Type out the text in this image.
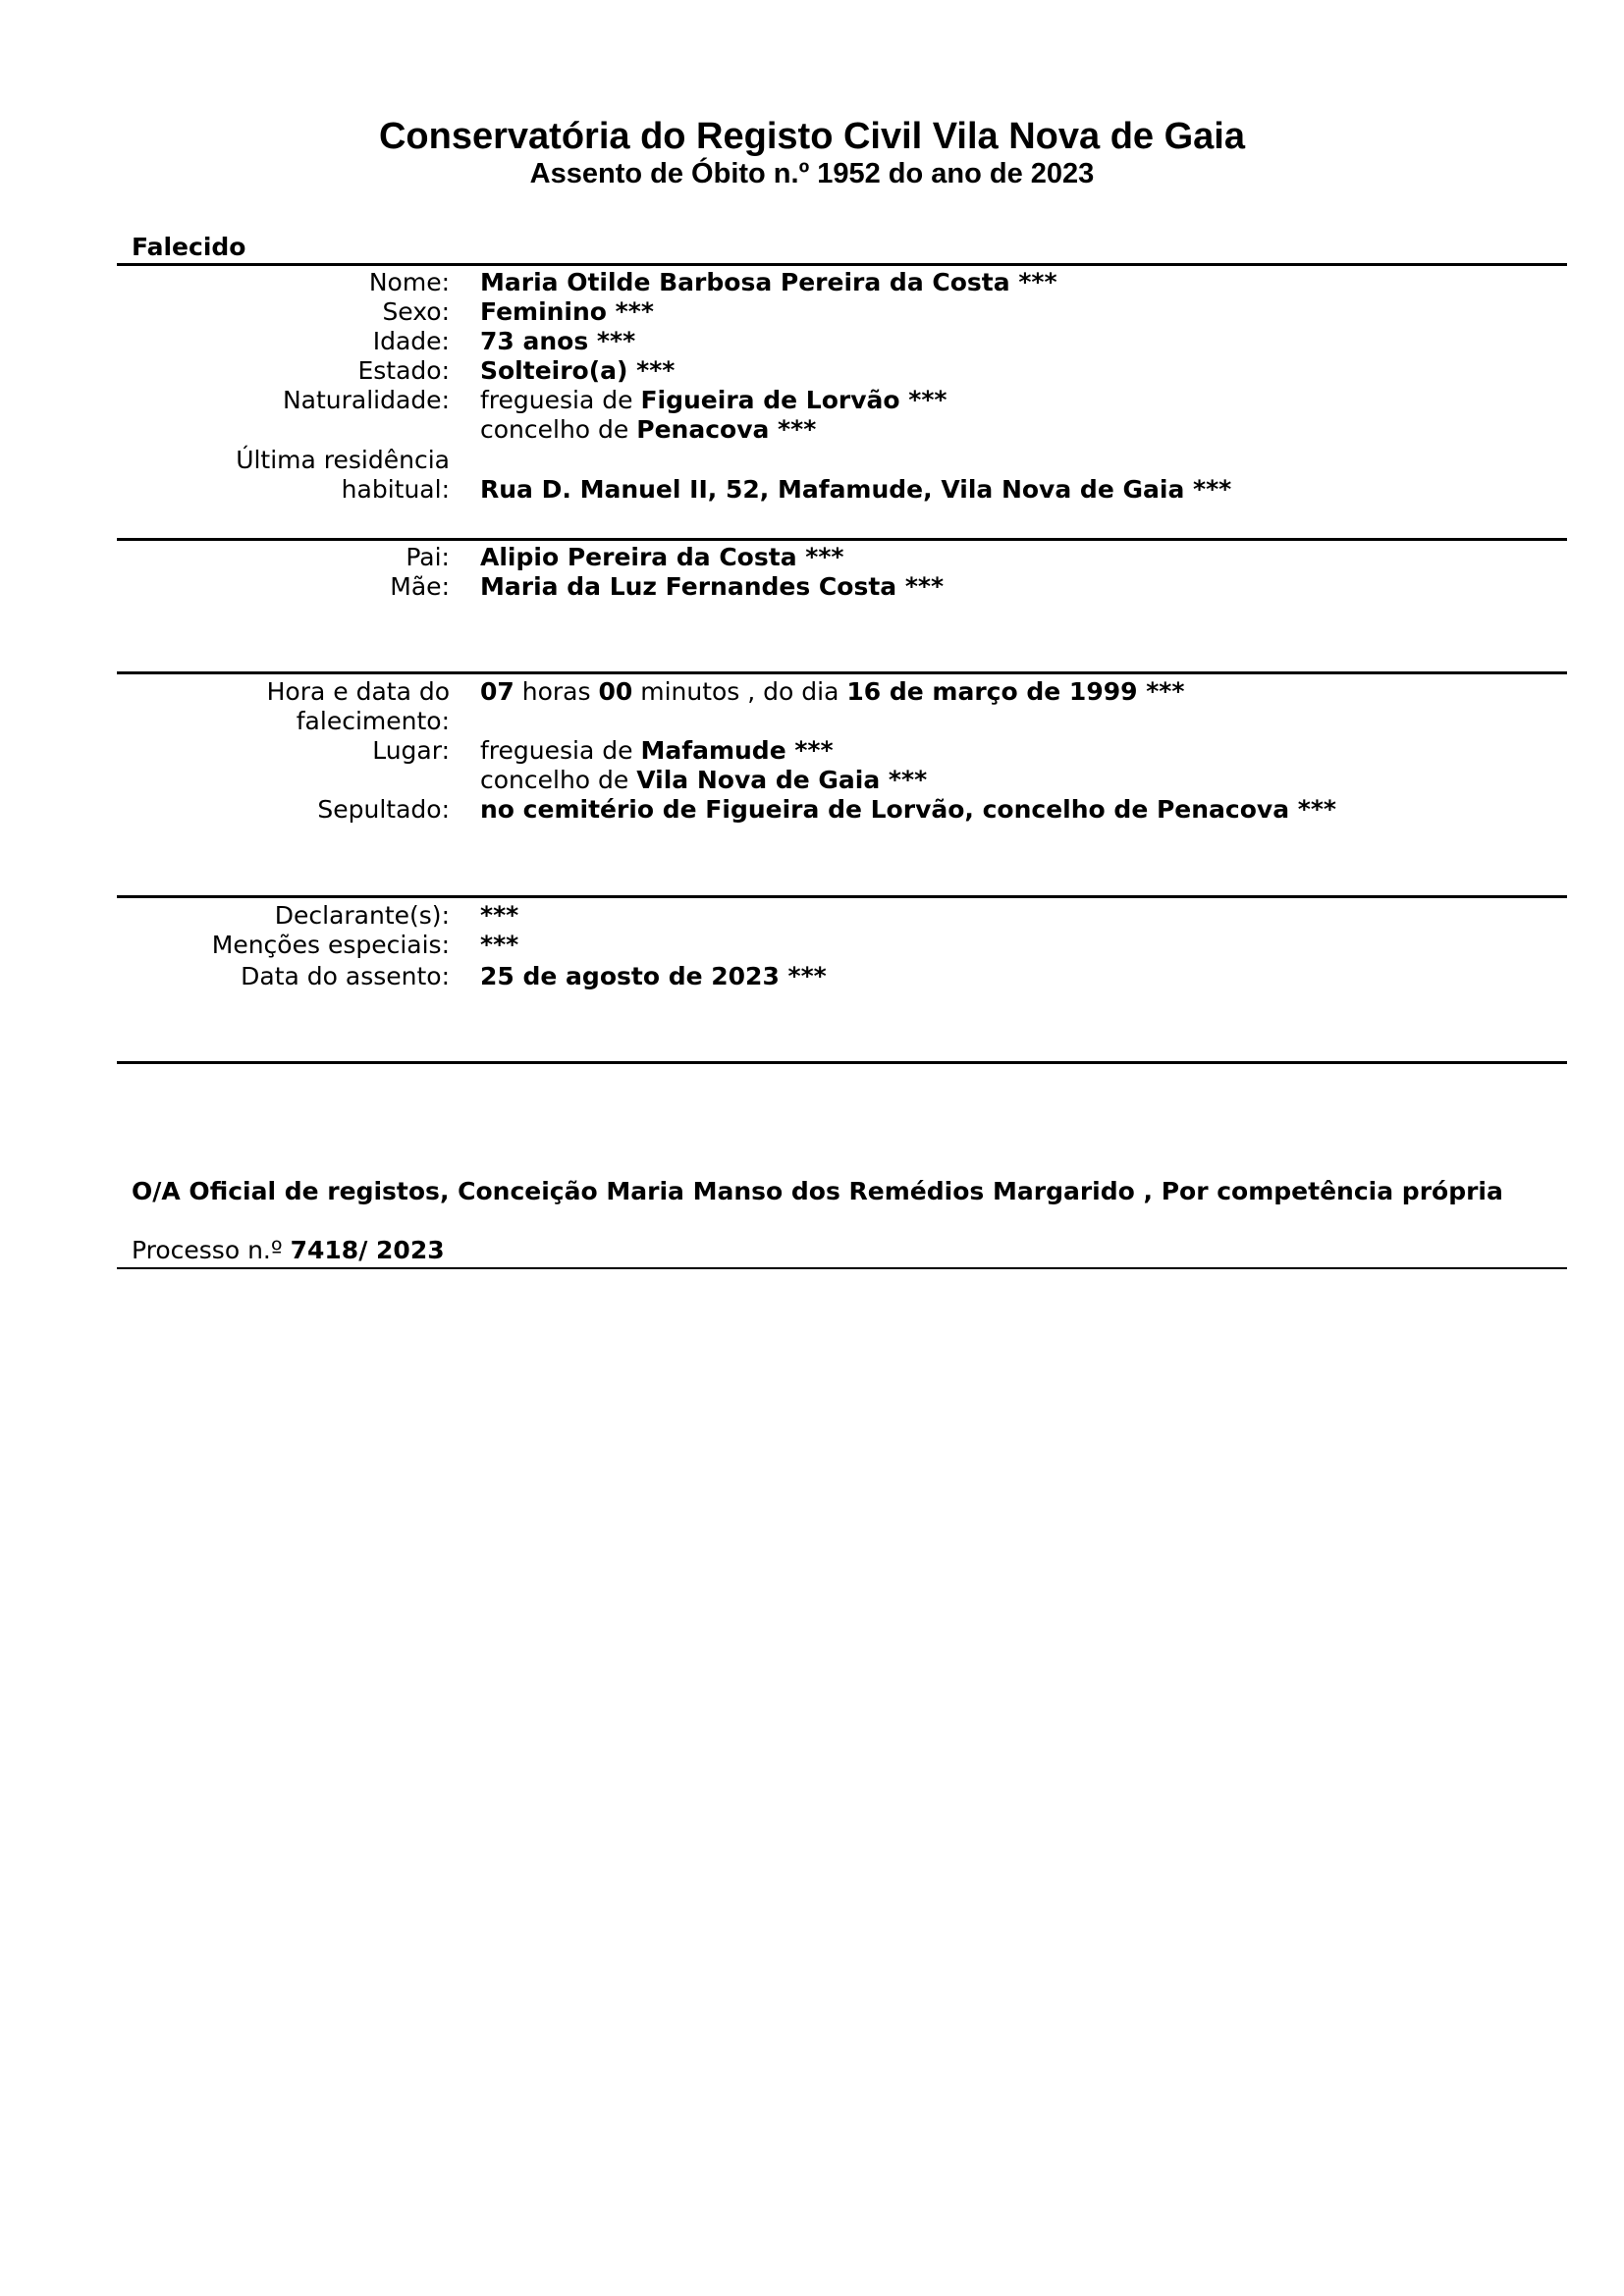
Conservatória do Registo Civil Vila Nova de Gaia
Assento de Óbito n.º 1952 do ano de 2023
Falecido
Nome: Maria Otilde Barbosa Pereira da Costa ***
Sexo: Feminino ***
Idade: 73 anos ***
Estado: Solteiro(a) ***
Naturalidade: freguesia de Figueira de Lorvão ***
concelho de Penacova ***
Última residência
habitual: Rua D. Manuel II, 52, Mafamude, Vila Nova de Gaia ***
Pai: Alipio Pereira da Costa ***
Mãe: Maria da Luz Fernandes Costa ***
Hora e data do
falecimento:
07 horas 00 minutos , do dia 16 de março de 1999 ***
Lugar: freguesia de Mafamude ***
concelho de Vila Nova de Gaia ***
Sepultado: no cemitério de Figueira de Lorvão, concelho de Penacova ***
Declarante(s): ***
Menções especiais: ***
Data do assento: 25 de agosto de 2023 ***
O/A Oficial de registos, Conceição Maria Manso dos Remédios Margarido , Por competência própria
Processo n.º 7418/ 2023
